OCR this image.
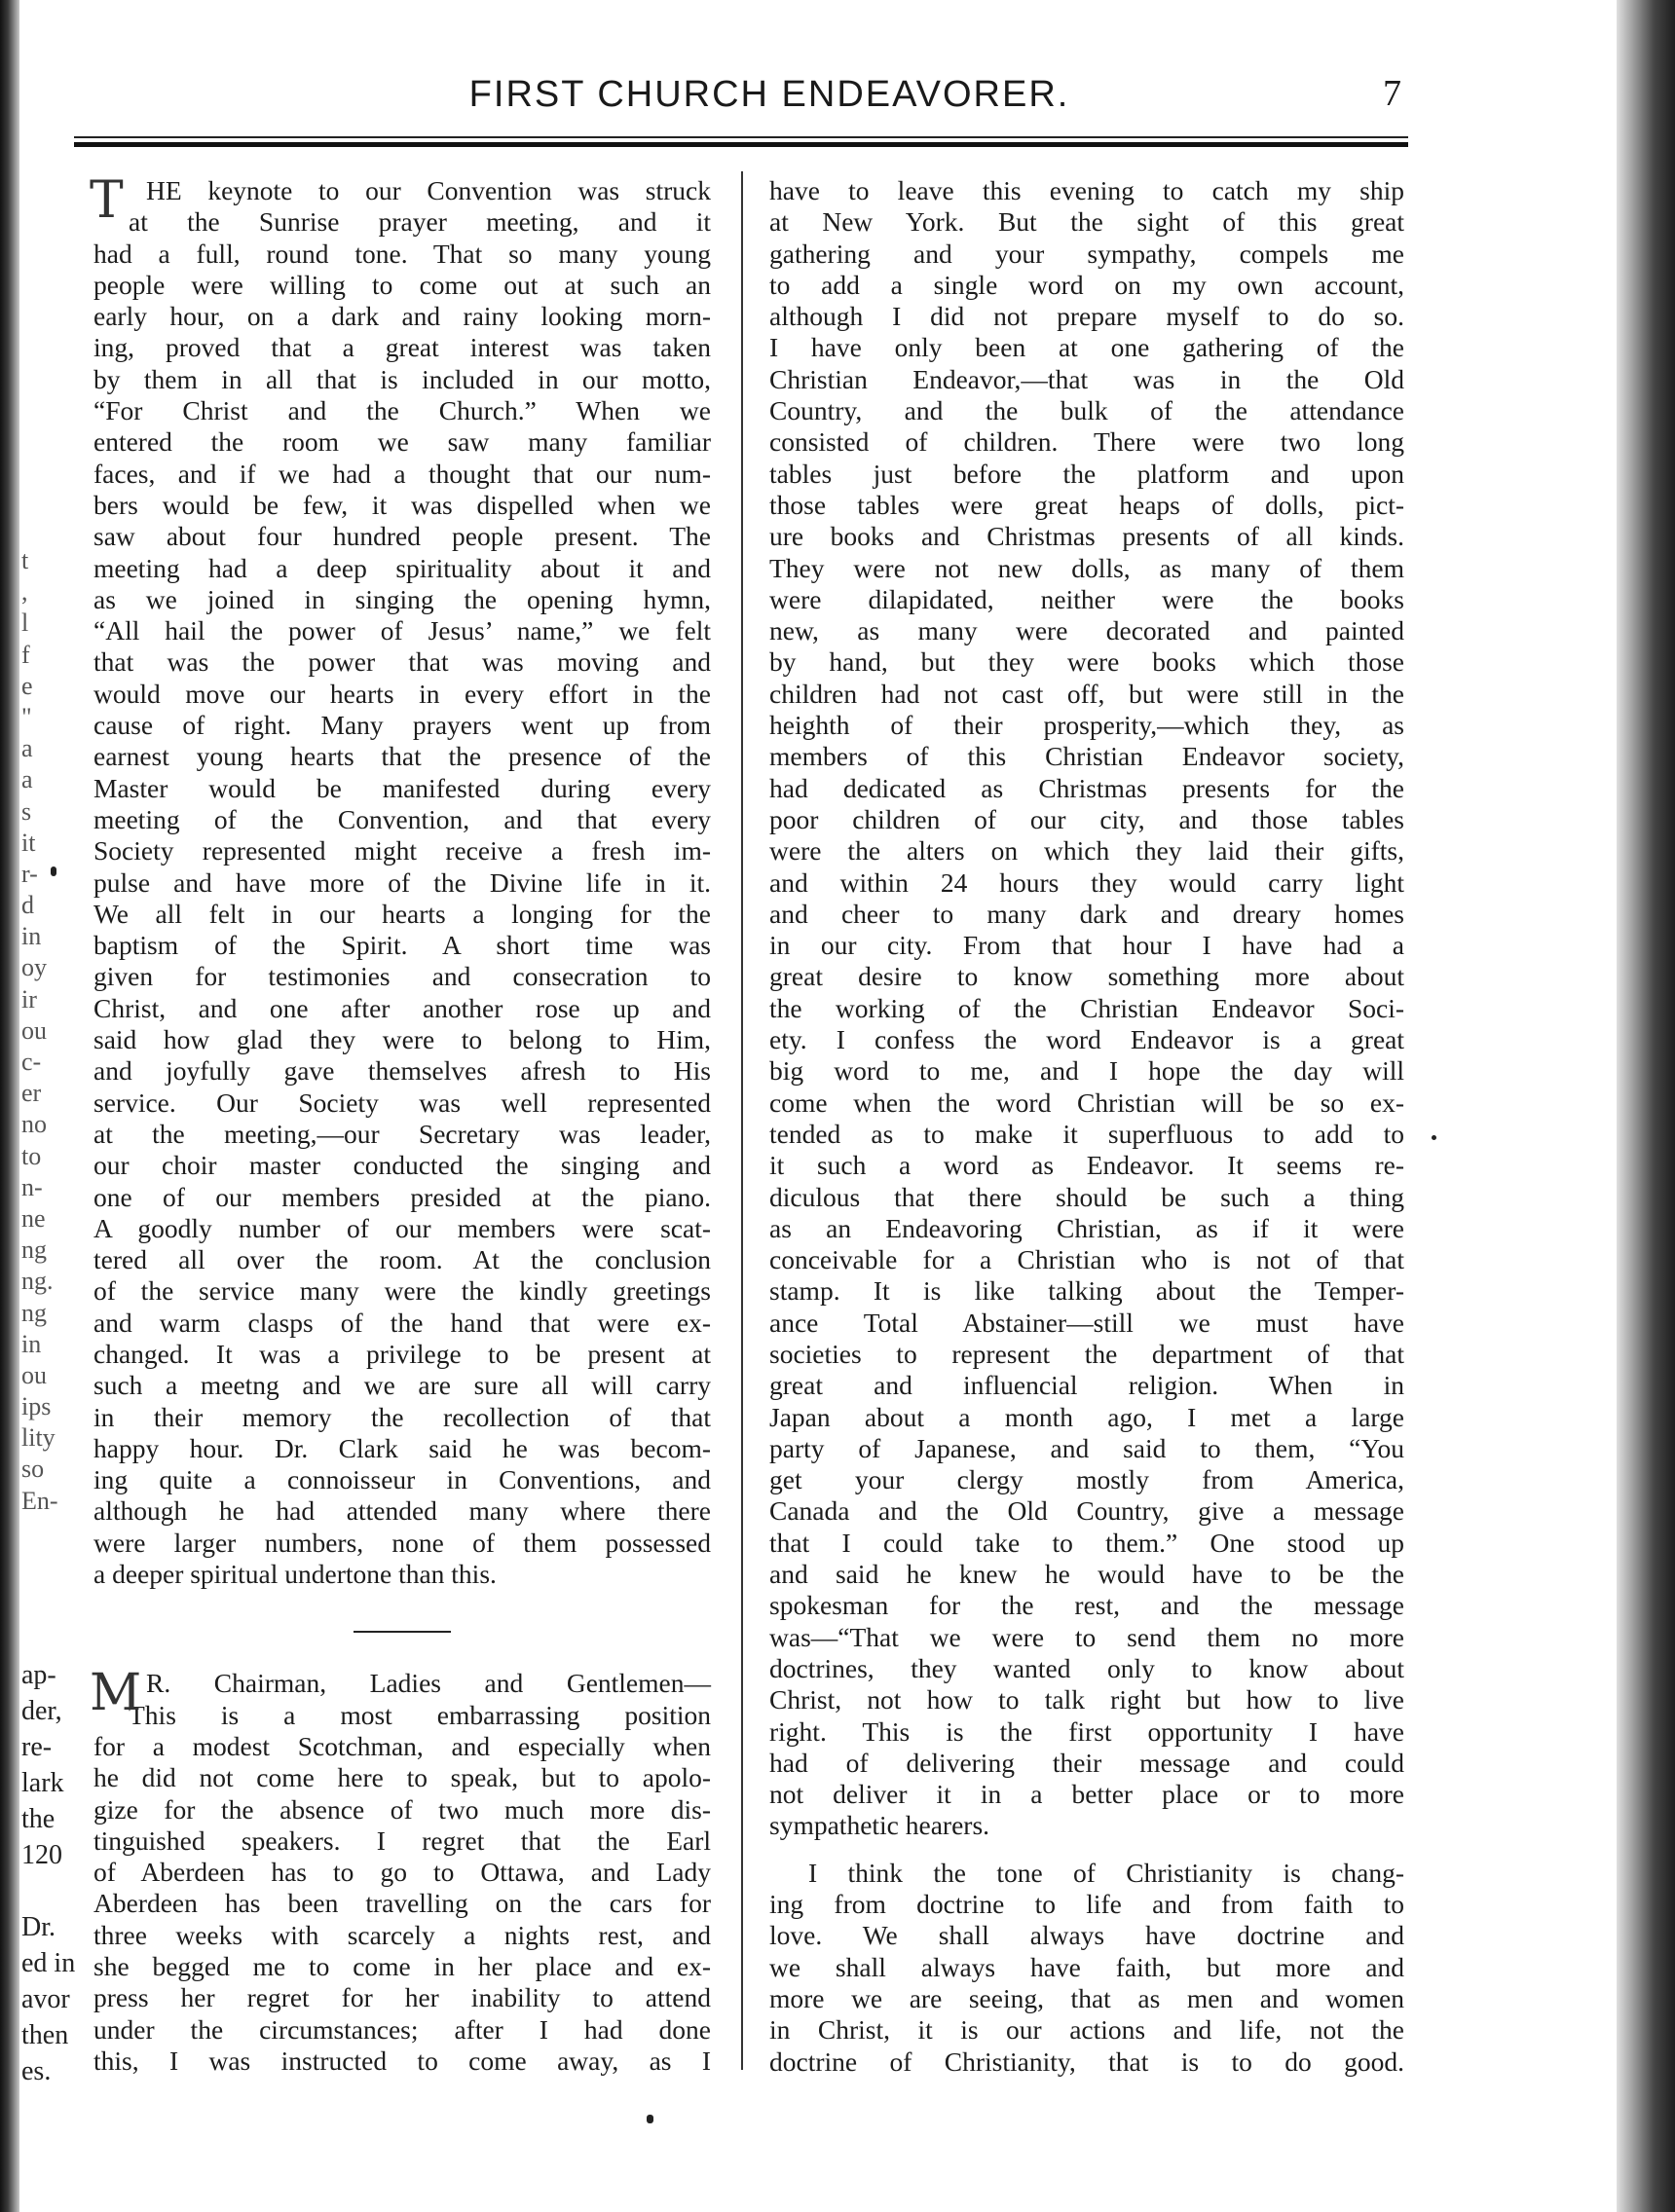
t
,
l
f
e
"
a
a
s
it
r-
d
in
oy
ir
ou
c-
er
no
to
n-
ne
ng
ng.
ng
in
ou
ips
lity
so
En-
ap-
der,
re-
lark
the
120
Dr.
ed in
avor
then
es.
FIRST CHURCH ENDEAVORER.	7
T HE keynote to our Convention was struck
at the Sunrise prayer meeting, and it
had a full, round tone. That so many young
people were willing to come out at such an
early hour, on a dark and rainy looking morn-
ing, proved that a great interest was taken
by them in all that is included in our motto,
“For Christ and the Church.” When we
entered the room we saw many familiar
faces, and if we had a thought that our num-
bers would be few, it was dispelled when we
saw about four hundred people present. The
meeting had a deep spirituality about it and
as we joined in singing the opening hymn,
“All hail the power of Jesus’ name,” we felt
that was the power that was moving and
would move our hearts in every effort in the
cause of right. Many prayers went up from
earnest young hearts that the presence of the
Master would be manifested during every
meeting of the Convention, and that every
Society represented might receive a fresh im-
pulse and have more of the Divine life in it.
We all felt in our hearts a longing for the
baptism of the Spirit. A short time was
given for testimonies and consecration to
Christ, and one after another rose up and
said how glad they were to belong to Him,
and joyfully gave themselves afresh to His
service. Our Society was well represented
at the meeting,—our Secretary was leader,
our choir master conducted the singing and
one of our members presided at the piano.
A goodly number of our members were scat-
tered all over the room. At the conclusion
of the service many were the kindly greetings
and warm clasps of the hand that were ex-
changed. It was a privilege to be present at
such a meetng and we are sure all will carry
in their memory the recollection of that
happy hour. Dr. Clark said he was becom-
ing quite a connoisseur in Conventions, and
although he had attended many where there
were larger numbers, none of them possessed
a deeper spiritual undertone than this.
M R. Chairman, Ladies and Gentlemen—
This is a most embarrassing position
for a modest Scotchman, and especially when
he did not come here to speak, but to apolo-
gize for the absence of two much more dis-
tinguished speakers. I regret that the Earl
of Aberdeen has to go to Ottawa, and Lady
Aberdeen has been travelling on the cars for
three weeks with scarcely a nights rest, and
she begged me to come in her place and ex-
press her regret for her inability to attend
under the circumstances; after I had done
this, I was instructed to come away, as I
have to leave this evening to catch my ship
at New York. But the sight of this great
gathering and your sympathy, compels me
to add a single word on my own account,
although I did not prepare myself to do so.
I have only been at one gathering of the
Christian Endeavor,—that was in the Old
Country, and the bulk of the attendance
consisted of children. There were two long
tables just before the platform and upon
those tables were great heaps of dolls, pict-
ure books and Christmas presents of all kinds.
They were not new dolls, as many of them
were dilapidated, neither were the books
new, as many were decorated and painted
by hand, but they were books which those
children had not cast off, but were still in the
heighth of their prosperity,—which they, as
members of this Christian Endeavor society,
had dedicated as Christmas presents for the
poor children of our city, and those tables
were the alters on which they laid their gifts,
and within 24 hours they would carry light
and cheer to many dark and dreary homes
in our city. From that hour I have had a
great desire to know something more about
the working of the Christian Endeavor Soci-
ety. I confess the word Endeavor is a great
big word to me, and I hope the day will
come when the word Christian will be so ex-
tended as to make it superfluous to add to
it such a word as Endeavor. It seems re-
diculous that there should be such a thing
as an Endeavoring Christian, as if it were
conceivable for a Christian who is not of that
stamp. It is like talking about the Temper-
ance Total Abstainer—still we must have
societies to represent the department of that
great and influencial religion. When in
Japan about a month ago, I met a large
party of Japanese, and said to them, “You
get your clergy mostly from America,
Canada and the Old Country, give a message
that I could take to them.” One stood up
and said he knew he would have to be the
spokesman for the rest, and the message
was—“That we were to send them no more
doctrines, they wanted only to know about
Christ, not how to talk right but how to live
right. This is the first opportunity I have
had of delivering their message and could
not deliver it in a better place or to more
sympathetic hearers.
I think the tone of Christianity is chang-
ing from doctrine to life and from faith to
love. We shall always have doctrine and
we shall always have faith, but more and
more we are seeing, that as men and women
in Christ, it is our actions and life, not the
doctrine of Christianity, that is to do good.
